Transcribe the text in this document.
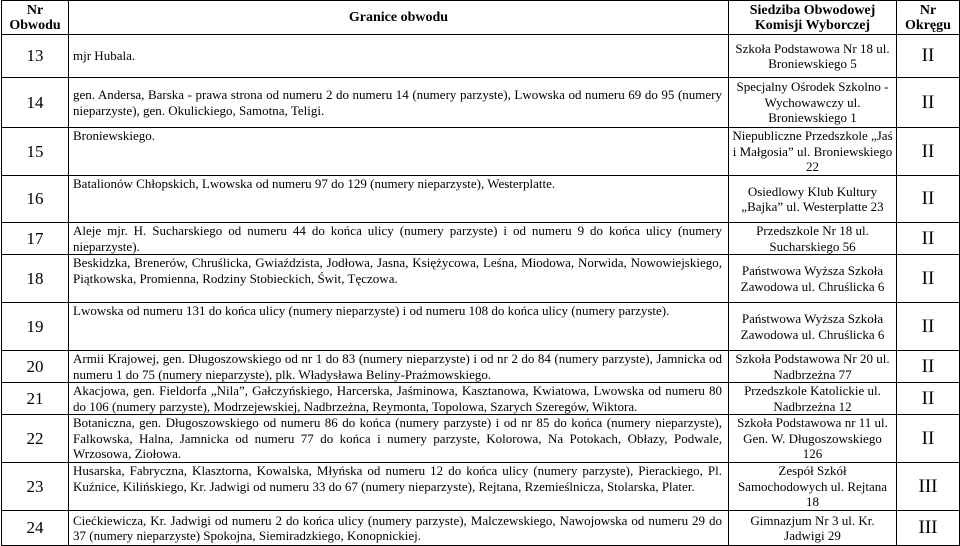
Nr Obwodu	Granice obwodu	Siedziba Obwodowej Komisji Wyborczej	Nr Okręgu
13	mjr Hubala.	Szkoła Podstawowa Nr 18 ul. Broniewskiego 5	II
14	gen. Andersa, Barska - prawa strona od numeru 2 do numeru 14 (numery parzyste), Lwowska od numeru 69 do 95 (numery nieparzyste), gen. Okulickiego, Samotna, Teligi.	Specjalny Ośrodek Szkolno - Wychowawczy ul. Broniewskiego 1	II
15	Broniewskiego.	Niepubliczne Przedszkole „Jaś i Małgosia” ul. Broniewskiego 22	II
16	Batalionów Chłopskich, Lwowska od numeru 97 do 129 (numery nieparzyste), Westerplatte.	Osiedlowy Klub Kultury „Bajka” ul. Westerplatte 23	II
17	Aleje mjr. H. Sucharskiego od numeru 44 do końca ulicy (numery parzyste) i od numeru 9 do końca ulicy (numery nieparzyste).	Przedszkole Nr 18 ul. Sucharskiego 56	II
18	Beskidzka, Brenerów, Chruślicka, Gwiaździsta, Jodłowa, Jasna, Księżycowa, Leśna, Miodowa, Norwida, Nowowiejskiego, Piątkowska, Promienna, Rodziny Stobieckich, Świt, Tęczowa.	Państwowa Wyższa Szkoła Zawodowa ul. Chruślicka 6	II
19	Lwowska od numeru 131 do końca ulicy (numery nieparzyste) i od numeru 108 do końca ulicy (numery parzyste).	Państwowa Wyższa Szkoła Zawodowa ul. Chruślicka 6	II
20	Armii Krajowej, gen. Długoszowskiego od nr 1 do 83 (numery nieparzyste) i od nr 2 do 84 (numery parzyste), Jamnicka od numeru 1 do 75 (numery nieparzyste), plk. Władysława Beliny-Prażmowskiego.	Szkoła Podstawowa Nr 20 ul. Nadbrzeżna 77	II
21	Akacjowa, gen. Fieldorfa „Nila”, Gałczyńskiego, Harcerska, Jaśminowa, Kasztanowa, Kwiatowa, Lwowska od numeru 80 do 106 (numery parzyste), Modrzejewskiej, Nadbrzeżna, Reymonta, Topolowa, Szarych Szeregów, Wiktora.	Przedszkole Katolickie ul. Nadbrzeżna 12	II
22	Botaniczna, gen. Długoszowskiego od numeru 86 do końca (numery parzyste) i od nr 85 do końca (numery nieparzyste), Falkowska, Halna, Jamnicka od numeru 77 do końca i numery parzyste, Kolorowa, Na Potokach, Obłazy, Podwale, Wrzosowa, Ziołowa.	Szkoła Podstawowa nr 11 ul. Gen. W. Długoszowskiego 126	II
23	Husarska, Fabryczna, Klasztorna, Kowalska, Młyńska od numeru 12 do końca ulicy (numery parzyste), Pierackiego, Pl. Kuźnice, Kilińskiego, Kr. Jadwigi od numeru 33 do 67 (numery nieparzyste), Rejtana, Rzemieślnicza, Stolarska, Plater.	Zespół Szkół Samochodowych ul. Rejtana 18	III
24	Ciećkiewicza, Kr. Jadwigi od numeru 2 do końca ulicy (numery parzyste), Malczewskiego, Nawojowska od numeru 29 do 37 (numery nieparzyste) Spokojna, Siemiradzkiego, Konopnickiej.	Gimnazjum Nr 3 ul. Kr. Jadwigi 29	III
